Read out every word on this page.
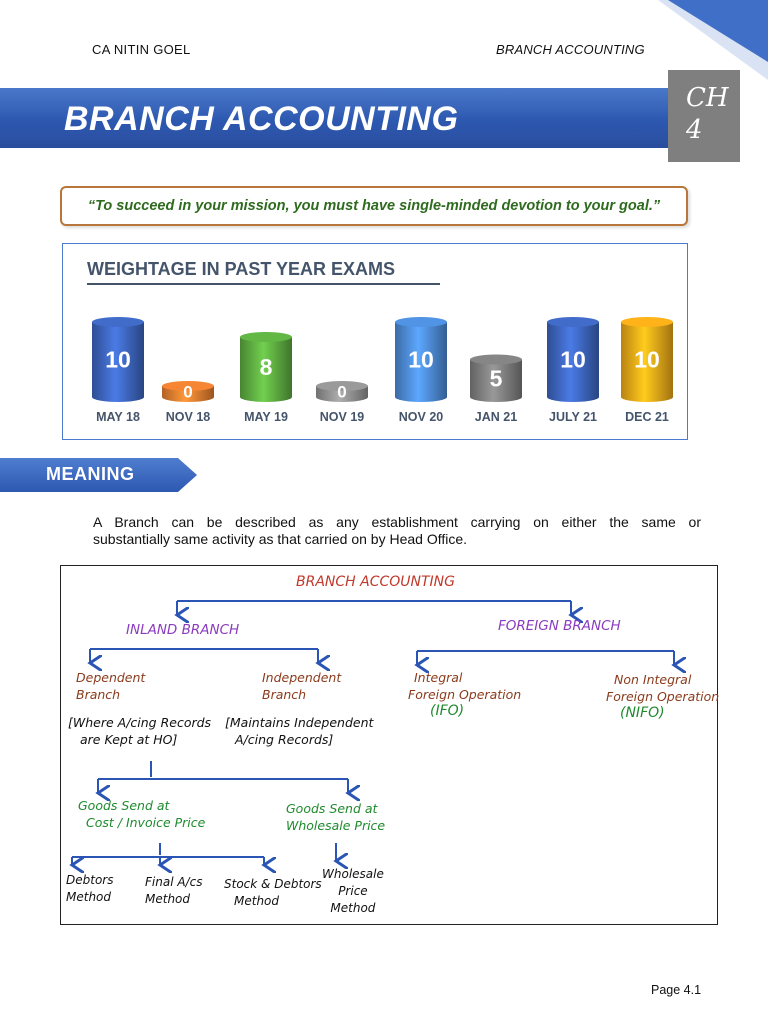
CA NITIN GOEL	BRANCH ACCOUNTING
BRANCH ACCOUNTING
CH
4
“To succeed in your mission, you must have single-minded devotion to your goal.”
WEIGHTAGE IN PAST YEAR EXAMS
10
MAY 18
0
NOV 18
8
MAY 19
0
NOV 19
10
NOV 20
5
JAN 21
10
JULY 21
10
DEC 21
MEANING
A Branch can be described as any establishment carrying on either the same or
substantially same activity as that carried on by Head Office.
BRANCH ACCOUNTING
INLAND BRANCH	FOREIGN BRANCH
Dependent
Branch
Independent
Branch
[Where A/cing Records
are Kept at HO]
[Maintains Independent
A/cing Records]
Integral
Foreign Operation
(IFO)
Non Integral
Foreign Operation
(NIFO)
Goods Send at
Cost / Invoice Price
Goods Send at
Wholesale Price
Debtors
Method
Final A/cs
Method
Stock & Debtors
Method
Wholesale
Price
Method
Page 4.1
